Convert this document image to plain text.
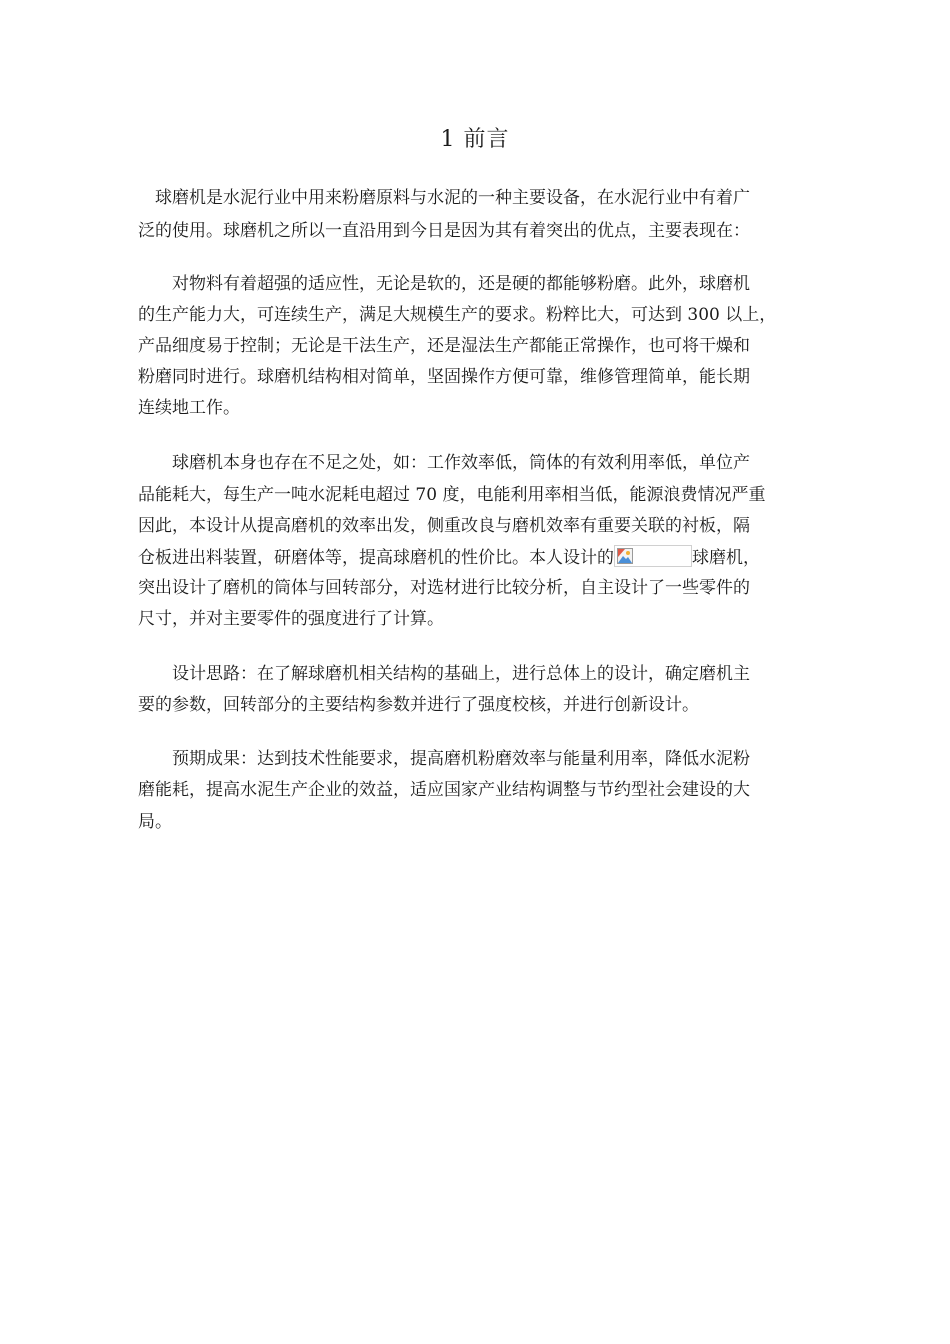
1 前言
球磨机是水泥行业中用来粉磨原料与水泥的一种主要设备，在水泥行业中有着广
泛的使用。球磨机之所以一直沿用到今日是因为其有着突出的优点，主要表现在：
对物料有着超强的适应性，无论是软的，还是硬的都能够粉磨。此外，球磨机
的生产能力大，可连续生产，满足大规模生产的要求。粉粹比大，可达到 300 以上，
产品细度易于控制；无论是干法生产，还是湿法生产都能正常操作，也可将干燥和
粉磨同时进行。球磨机结构相对简单，坚固操作方便可靠，维修管理简单，能长期
连续地工作。
球磨机本身也存在不足之处，如：工作效率低，筒体的有效利用率低，单位产
品能耗大，每生产一吨水泥耗电超过 70 度，电能利用率相当低，能源浪费情况严重
因此，本设计从提高磨机的效率出发，侧重改良与磨机效率有重要关联的衬板，隔
仓板进出料装置，研磨体等，提高球磨机的性价比。本人设计的	球磨机，
突出设计了磨机的筒体与回转部分，对选材进行比较分析，自主设计了一些零件的
尺寸，并对主要零件的强度进行了计算。
设计思路：在了解球磨机相关结构的基础上，进行总体上的设计，确定磨机主
要的参数，回转部分的主要结构参数并进行了强度校核，并进行创新设计。
预期成果：达到技术性能要求，提高磨机粉磨效率与能量利用率，降低水泥粉
磨能耗，提高水泥生产企业的效益，适应国家产业结构调整与节约型社会建设的大
局。
